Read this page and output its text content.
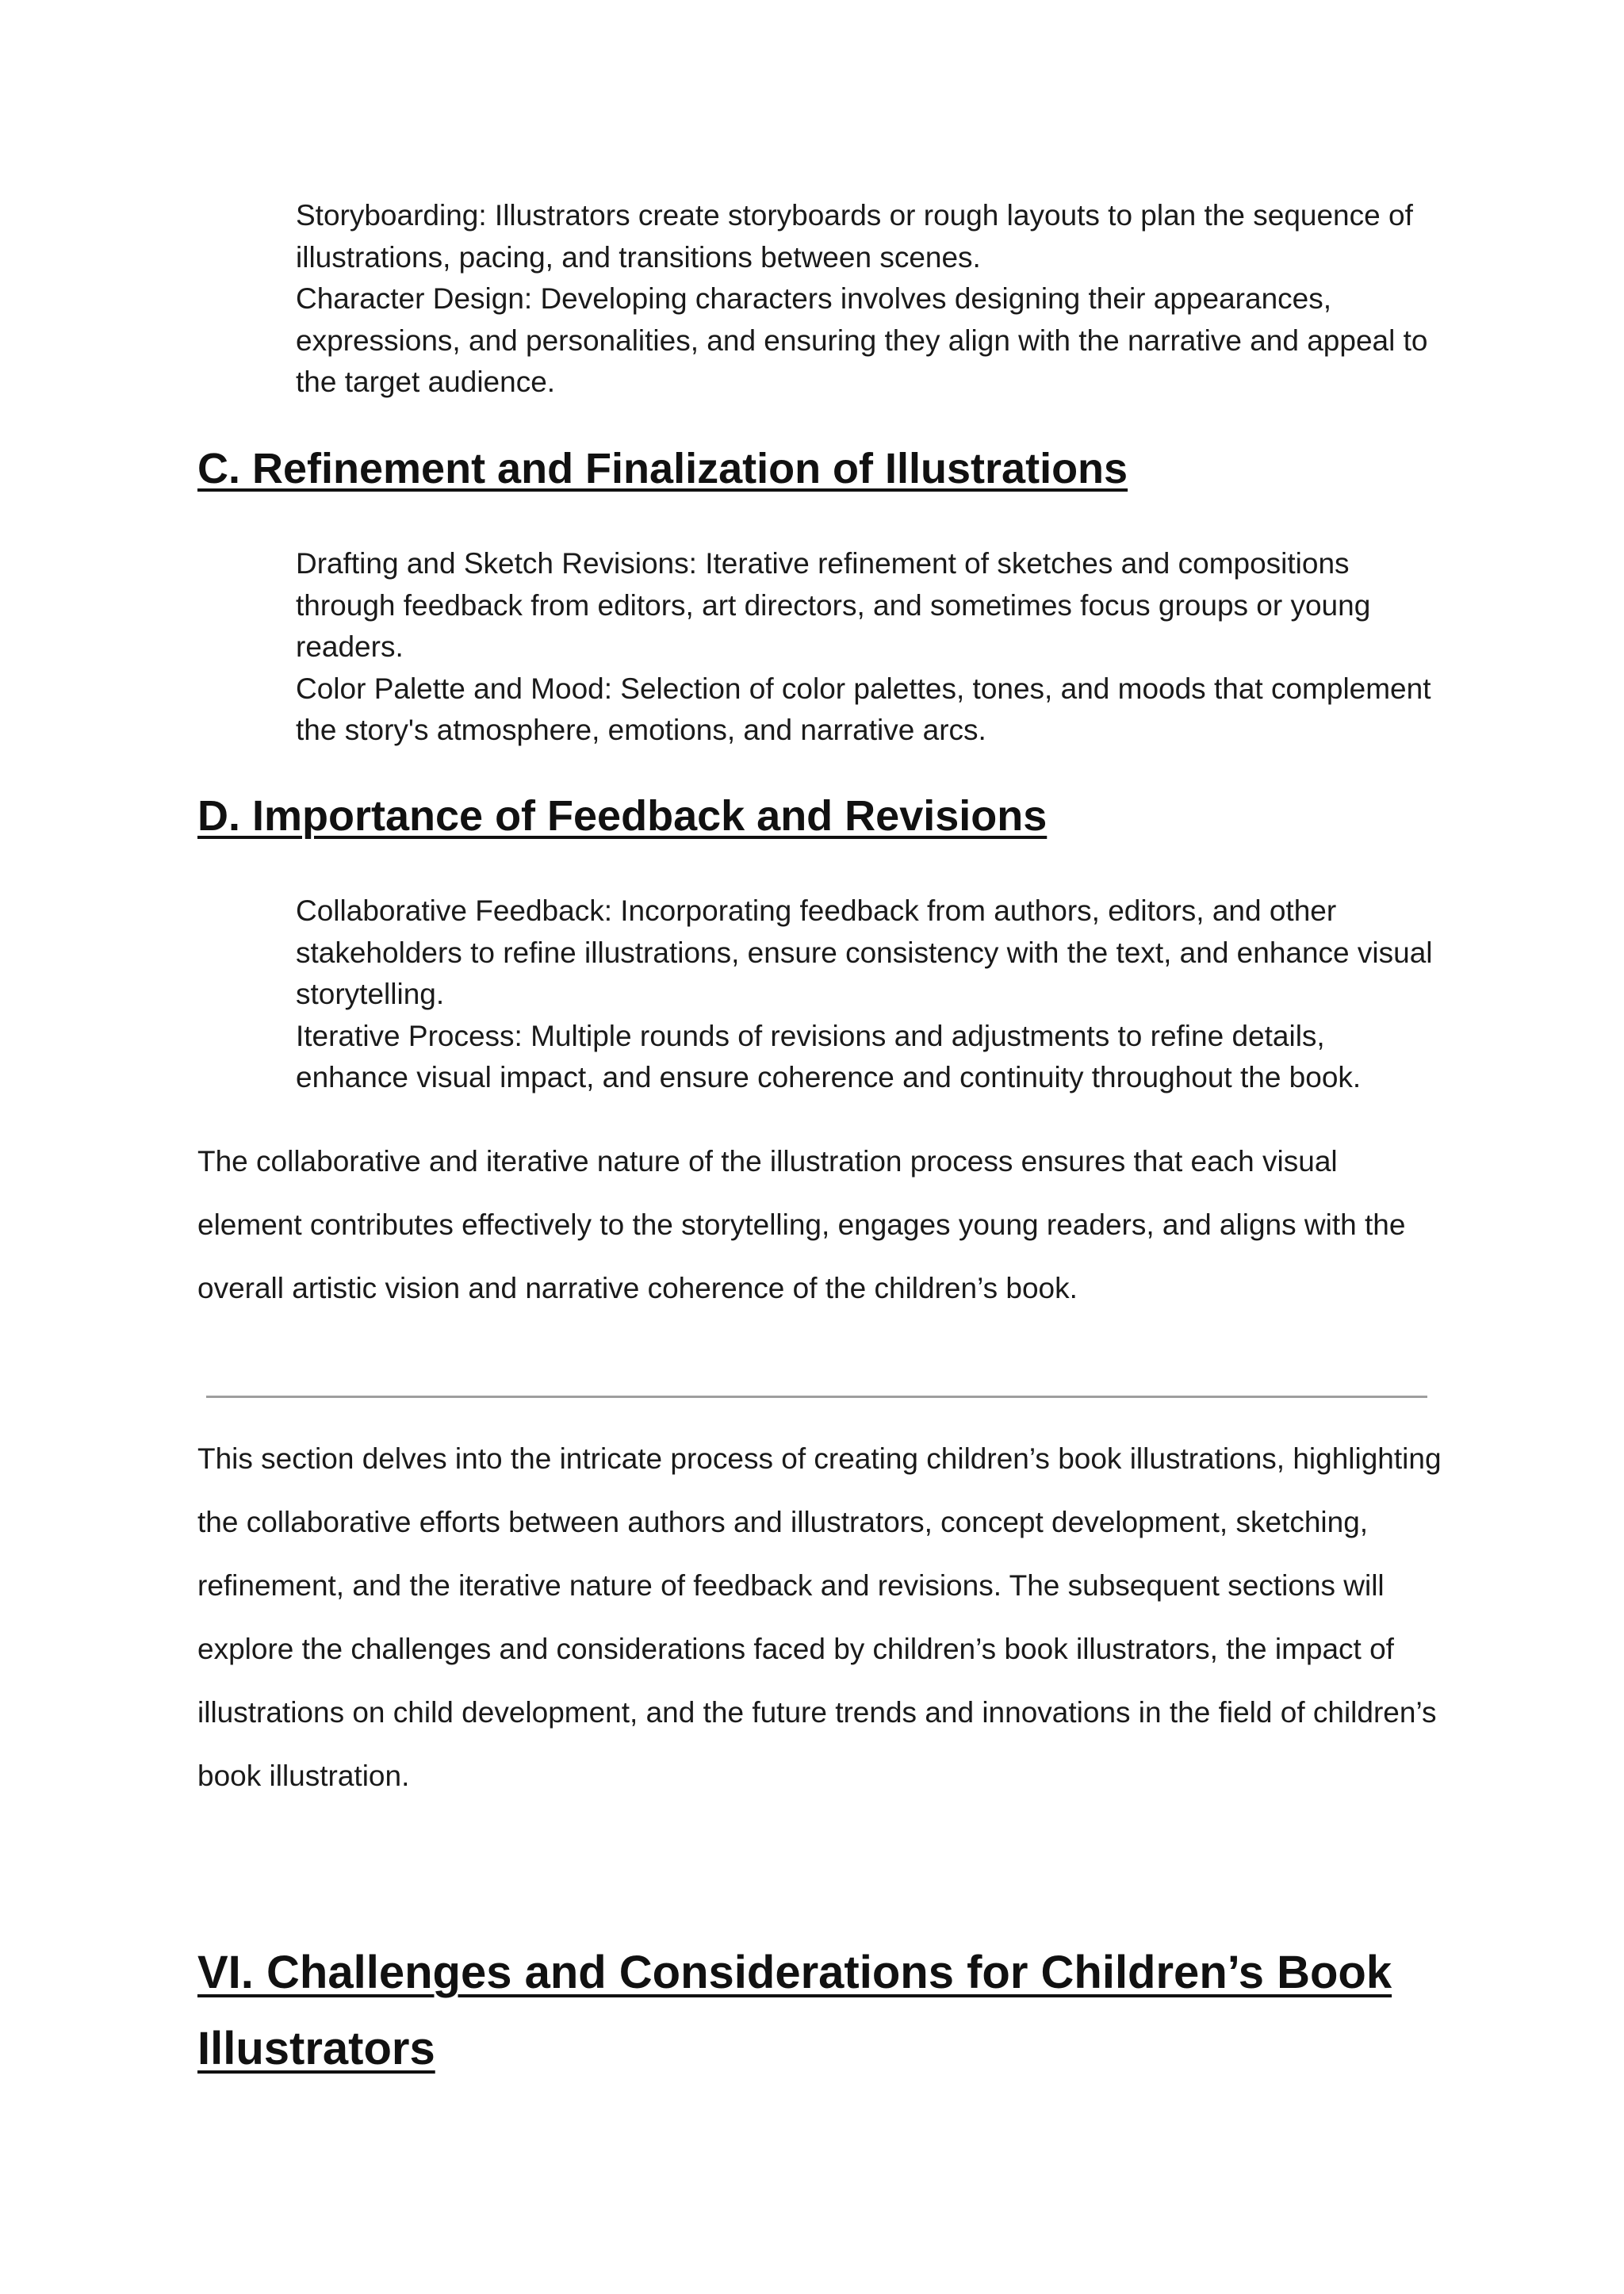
Storyboarding: Illustrators create storyboards or rough layouts to plan the sequence of illustrations, pacing, and transitions between scenes.

Character Design: Developing characters involves designing their appearances, expressions, and personalities, and ensuring they align with the narrative and appeal to the target audience.

C. Refinement and Finalization of Illustrations

Drafting and Sketch Revisions: Iterative refinement of sketches and compositions through feedback from editors, art directors, and sometimes focus groups or young readers.

Color Palette and Mood: Selection of color palettes, tones, and moods that complement the story's atmosphere, emotions, and narrative arcs.

D. Importance of Feedback and Revisions

Collaborative Feedback: Incorporating feedback from authors, editors, and other stakeholders to refine illustrations, ensure consistency with the text, and enhance visual storytelling.

Iterative Process: Multiple rounds of revisions and adjustments to refine details, enhance visual impact, and ensure coherence and continuity throughout the book.

The collaborative and iterative nature of the illustration process ensures that each visual element contributes effectively to the storytelling, engages young readers, and aligns with the overall artistic vision and narrative coherence of the children’s book.

This section delves into the intricate process of creating children’s book illustrations, highlighting the collaborative efforts between authors and illustrators, concept development, sketching, refinement, and the iterative nature of feedback and revisions. The subsequent sections will explore the challenges and considerations faced by children’s book illustrators, the impact of illustrations on child development, and the future trends and innovations in the field of children’s book illustration.

VI. Challenges and Considerations for Children’s Book Illustrators
